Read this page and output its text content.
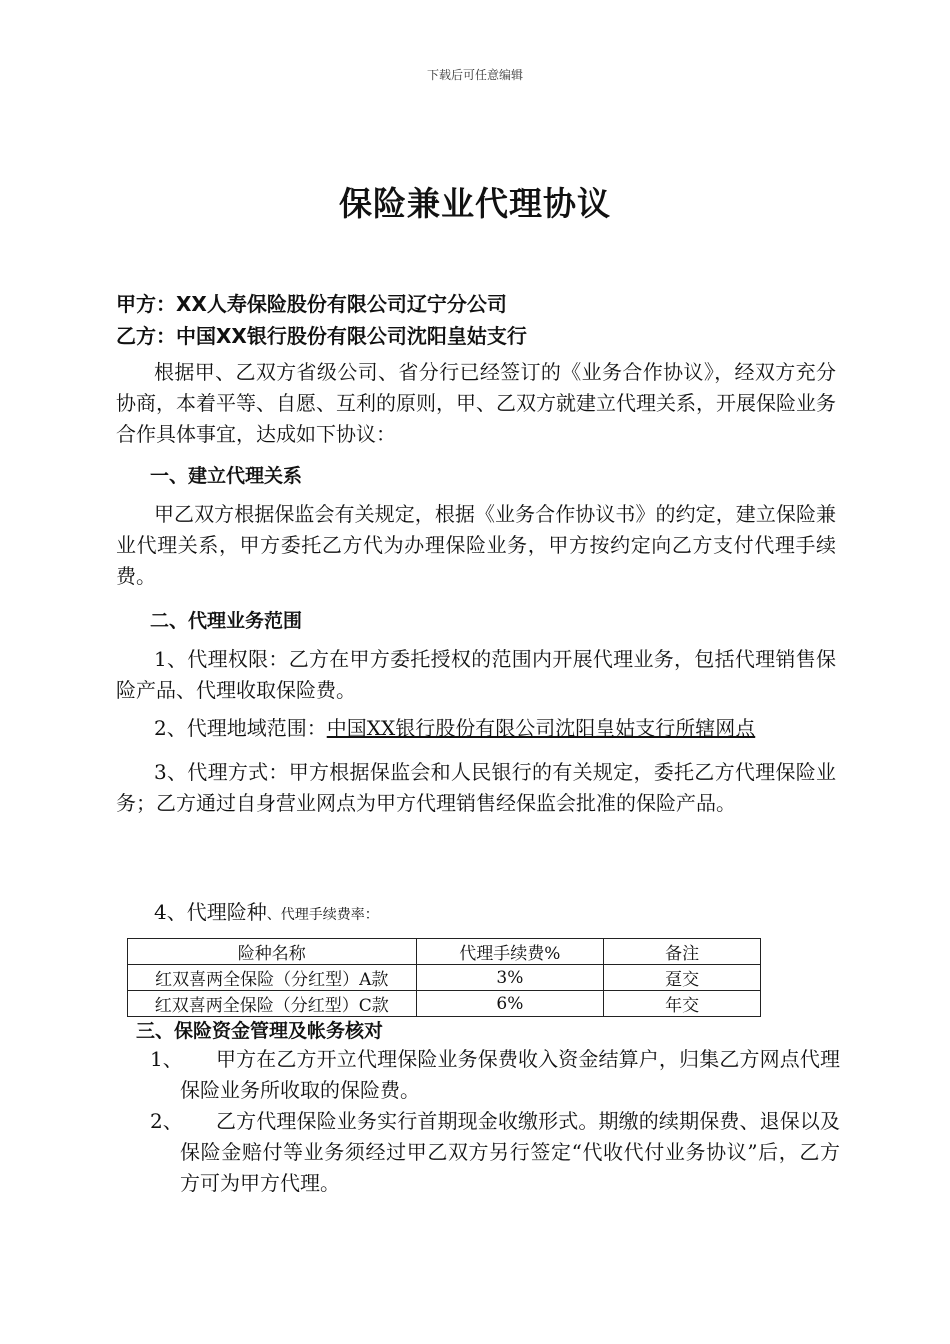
下载后可任意编辑
保险兼业代理协议
甲方：XX人寿保险股份有限公司辽宁分公司
乙方：中国XX银行股份有限公司沈阳皇姑支行
根据甲、乙双方省级公司、省分行已经签订的《业务合作协议》，经双方充分协商，本着平等、自愿、互利的原则，甲、乙双方就建立代理关系，开展保险业务合作具体事宜，达成如下协议：
一、建立代理关系
甲乙双方根据保监会有关规定，根据《业务合作协议书》的约定，建立保险兼业代理关系，甲方委托乙方代为办理保险业务，甲方按约定向乙方支付代理手续费。
二、代理业务范围
1、代理权限：乙方在甲方委托授权的范围内开展代理业务，包括代理销售保险产品、代理收取保险费。
2、代理地域范围：中国XX银行股份有限公司沈阳皇姑支行所辖网点
3、代理方式：甲方根据保监会和人民银行的有关规定，委托乙方代理保险业务；乙方通过自身营业网点为甲方代理销售经保监会批准的保险产品。
4、代理险种、代理手续费率：
险种名称	代理手续费%	备注
红双喜两全保险（分红型）A款	3%	趸交
红双喜两全保险（分红型）C款	6%	年交
三、保险资金管理及帐务核对
1、	甲方在乙方开立代理保险业务保费收入资金结算户，归集乙方网点代理保险业务所收取的保险费。
2、	乙方代理保险业务实行首期现金收缴形式。期缴的续期保费、退保以及保险金赔付等业务须经过甲乙双方另行签定“代收代付业务协议”后，乙方方可为甲方代理。
